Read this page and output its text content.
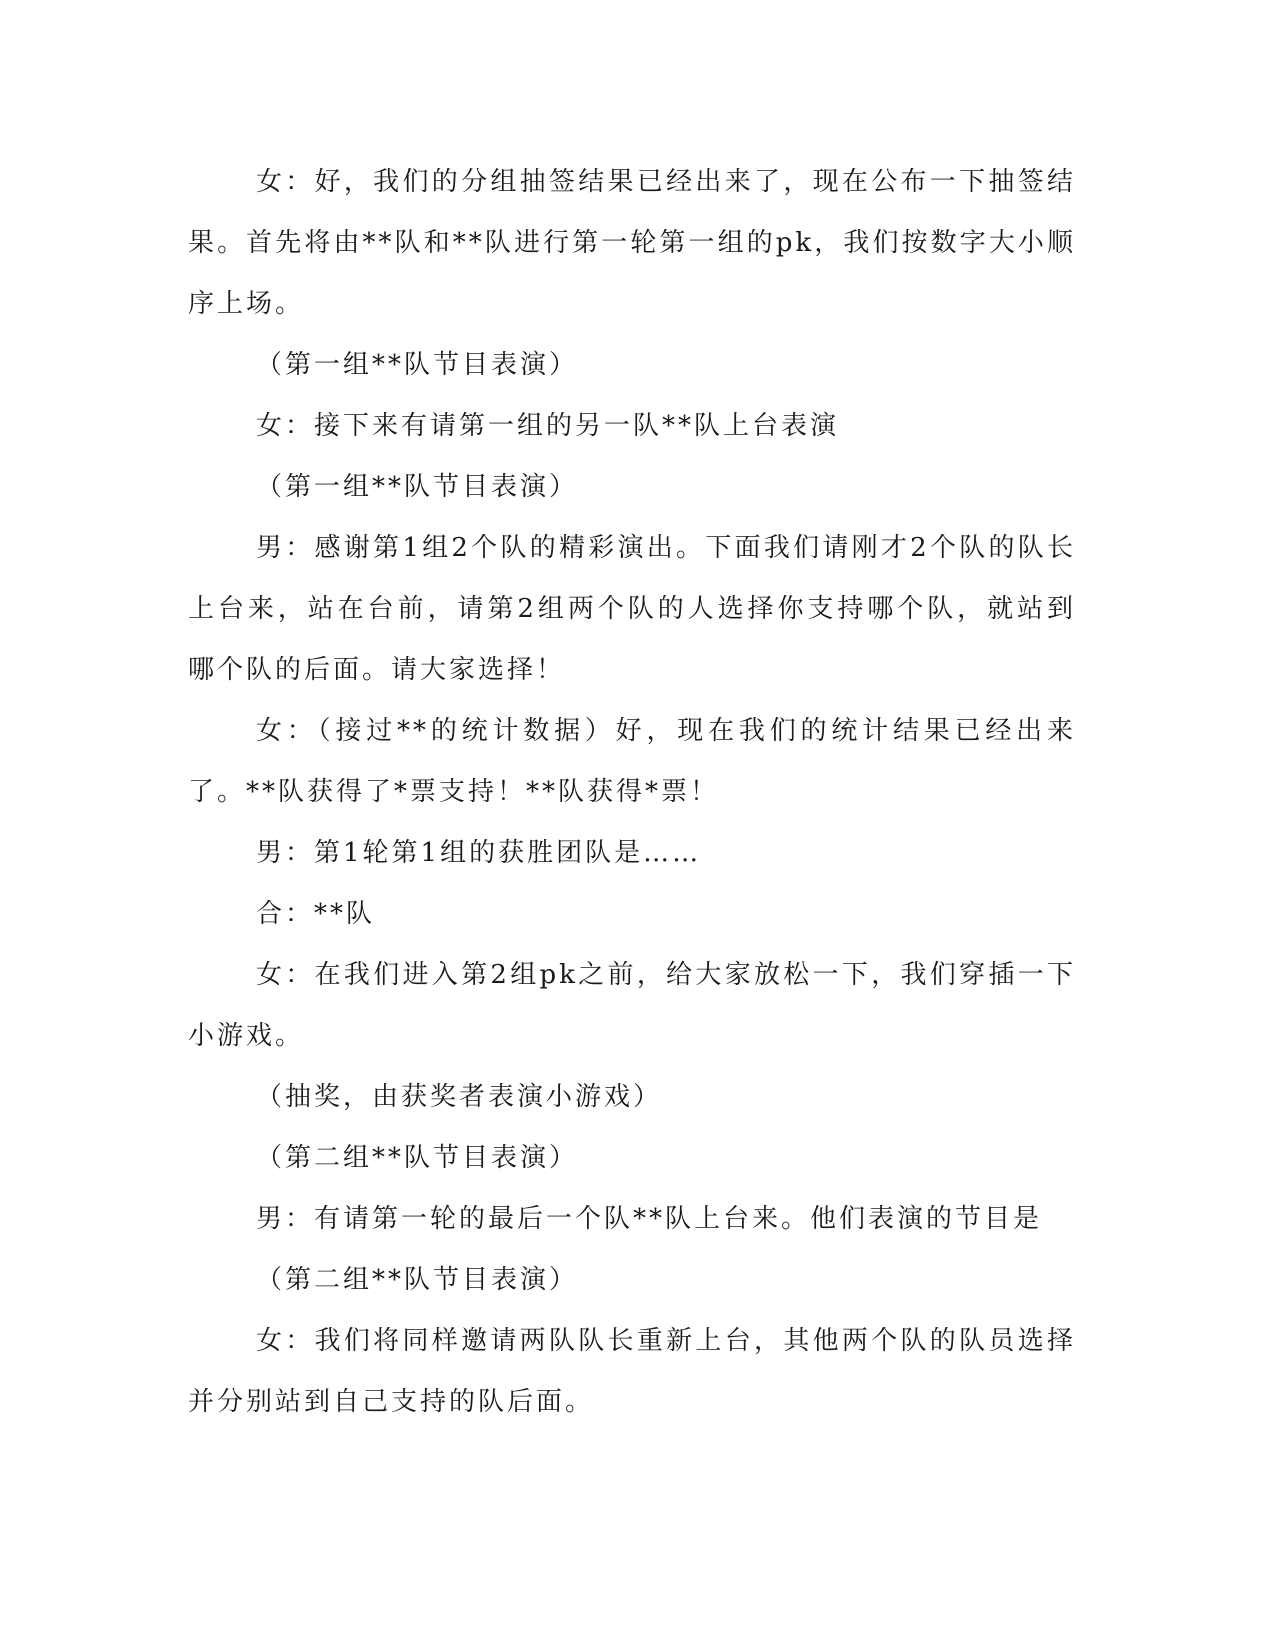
女：好，我们的分组抽签结果已经出来了，现在公布一下抽签结果。首先将由**队和**队进行第一轮第一组的pk，我们按数字大小顺序上场。

（第一组**队节目表演）

女：接下来有请第一组的另一队**队上台表演

（第一组**队节目表演）

男：感谢第1组2个队的精彩演出。下面我们请刚才2个队的队长上台来，站在台前，请第2组两个队的人选择你支持哪个队，就站到哪个队的后面。请大家选择！

女：（接过**的统计数据）好，现在我们的统计结果已经出来了。**队获得了*票支持！**队获得*票！

男：第1轮第1组的获胜团队是……

合：**队

女：在我们进入第2组pk之前，给大家放松一下，我们穿插一下小游戏。

（抽奖，由获奖者表演小游戏）

（第二组**队节目表演）

男：有请第一轮的最后一个队**队上台来。他们表演的节目是

（第二组**队节目表演）

女：我们将同样邀请两队队长重新上台，其他两个队的队员选择并分别站到自己支持的队后面。
